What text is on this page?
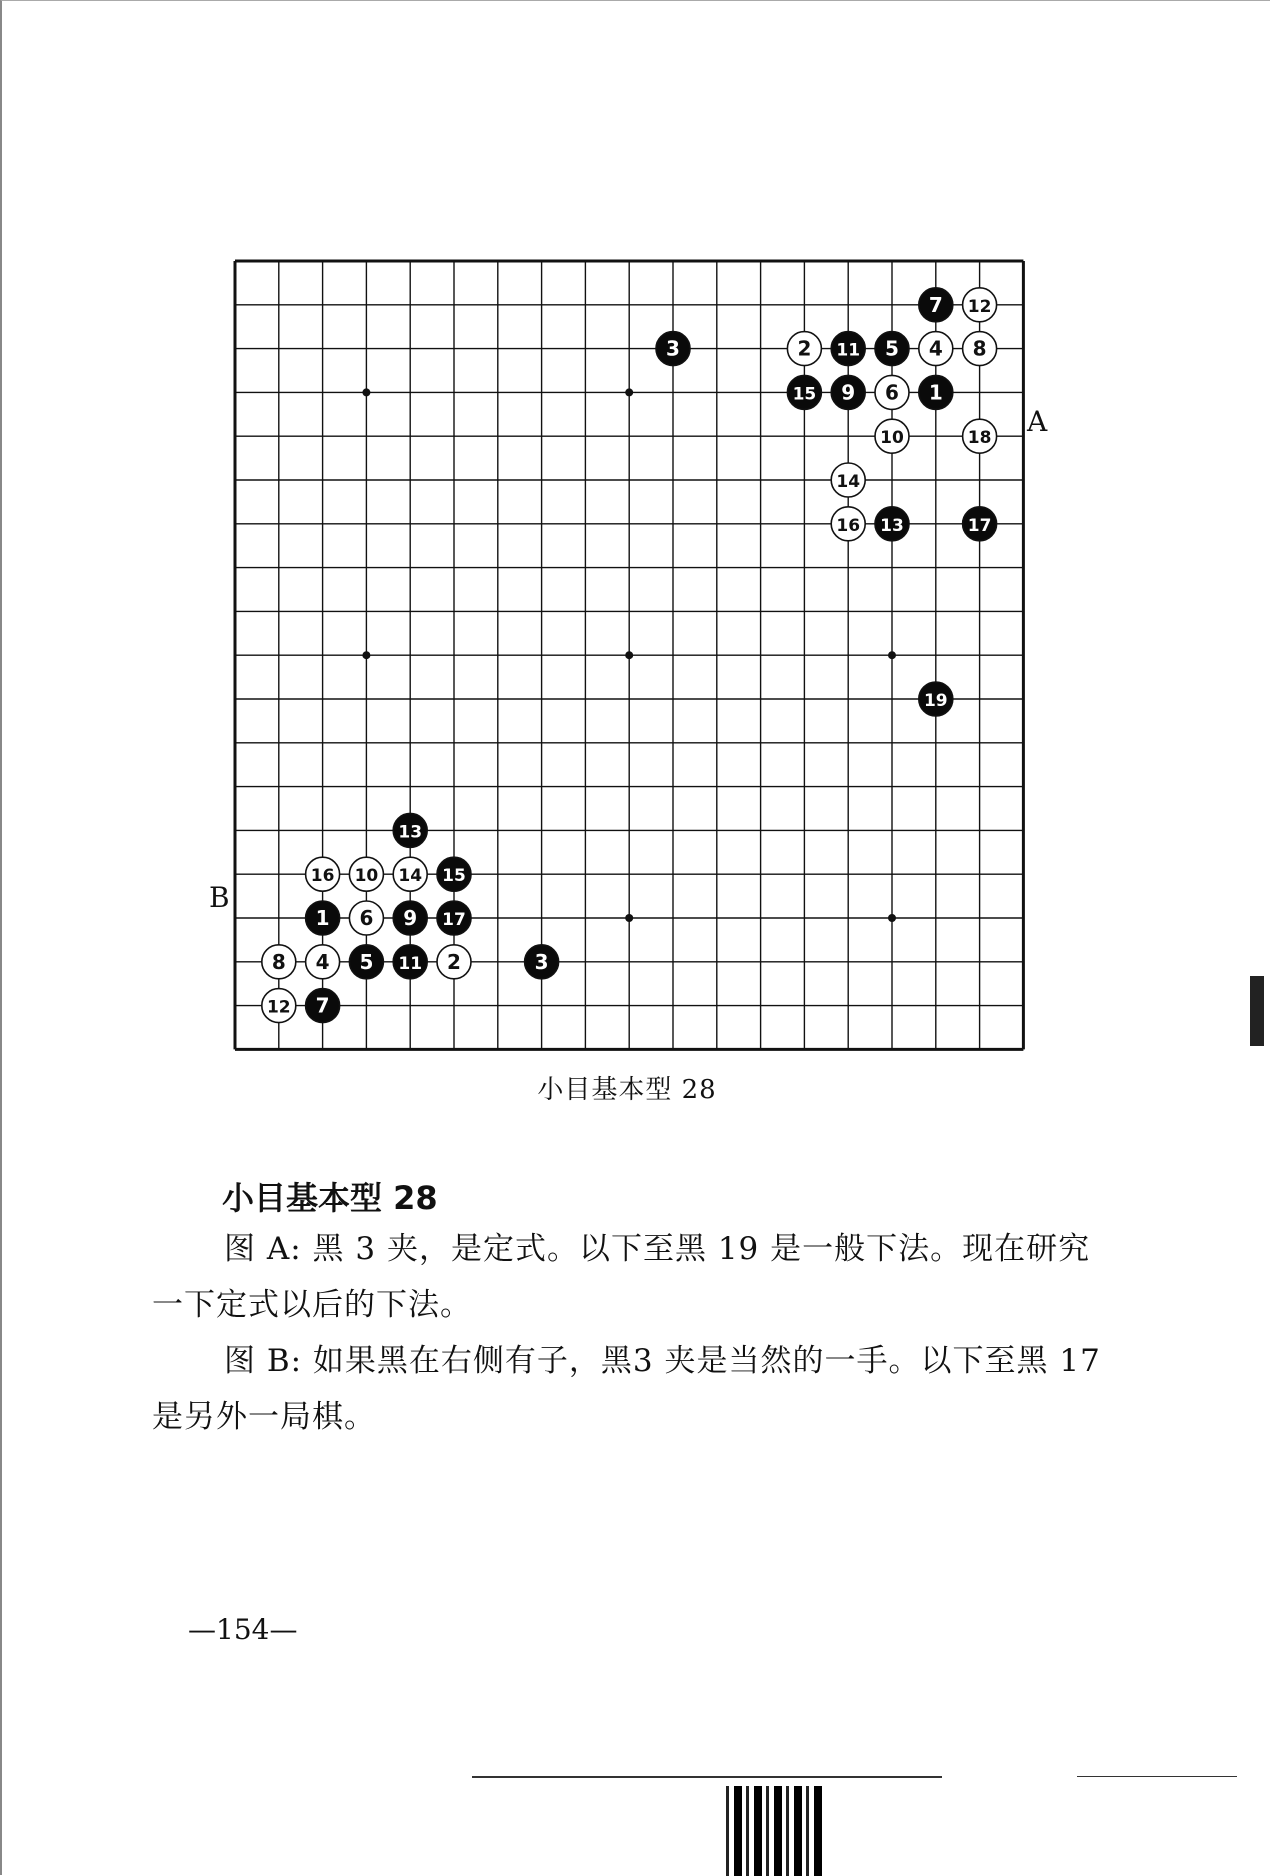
7 12
3	2 11 5 4 8
15 9 6 1
10	18
14
16 13	17
19
13
16 10 14 15
1 6 9 17
8 4 5 11 2	3
12 7
A
B
小目基本型 28
小目基本型 28
图 A: 黑 3 夹，是定式。以下至黑 19 是一般下法。现在研究一下定式以后的下法。
图 B: 如果黑在右侧有子，黑3 夹是当然的一手。以下至黑 17 是另外一局棋。
—154—
